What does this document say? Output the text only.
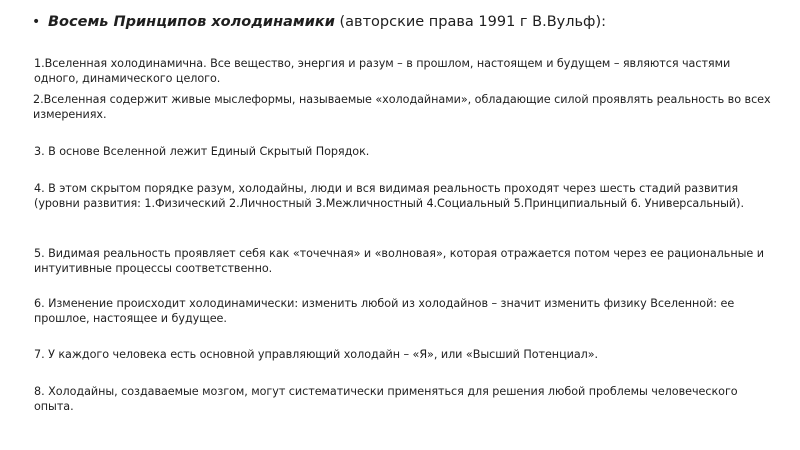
• Восемь Принципов холодинамики (авторские права 1991 г В.Вульф):
1.Вселенная холодинамична. Все вещество, энергия и разум – в прошлом, настоящем и будущем – являются частями одного, динамического целого.
2.Вселенная содержит живые мыслеформы, называемые «холодайнами», обладающие силой проявлять реальность во всех измерениях.
3. В основе Вселенной лежит Единый Скрытый Порядок.
4. В этом скрытом порядке разум, холодайны, люди и вся видимая реальность проходят через шесть стадий развития (уровни развития: 1.Физический 2.Личностный 3.Межличностный 4.Социальный 5.Принципиальный 6. Универсальный).
5. Видимая реальность проявляет себя как «точечная» и «волновая», которая отражается потом через ее рациональные и интуитивные процессы соответственно.
6. Изменение происходит холодинамически: изменить любой из холодайнов – значит изменить физику Вселенной: ее прошлое, настоящее и будущее.
7. У каждого человека есть основной управляющий холодайн – «Я», или «Высший Потенциал».
8. Холодайны, создаваемые мозгом, могут систематически применяться для решения любой проблемы человеческого опыта.
